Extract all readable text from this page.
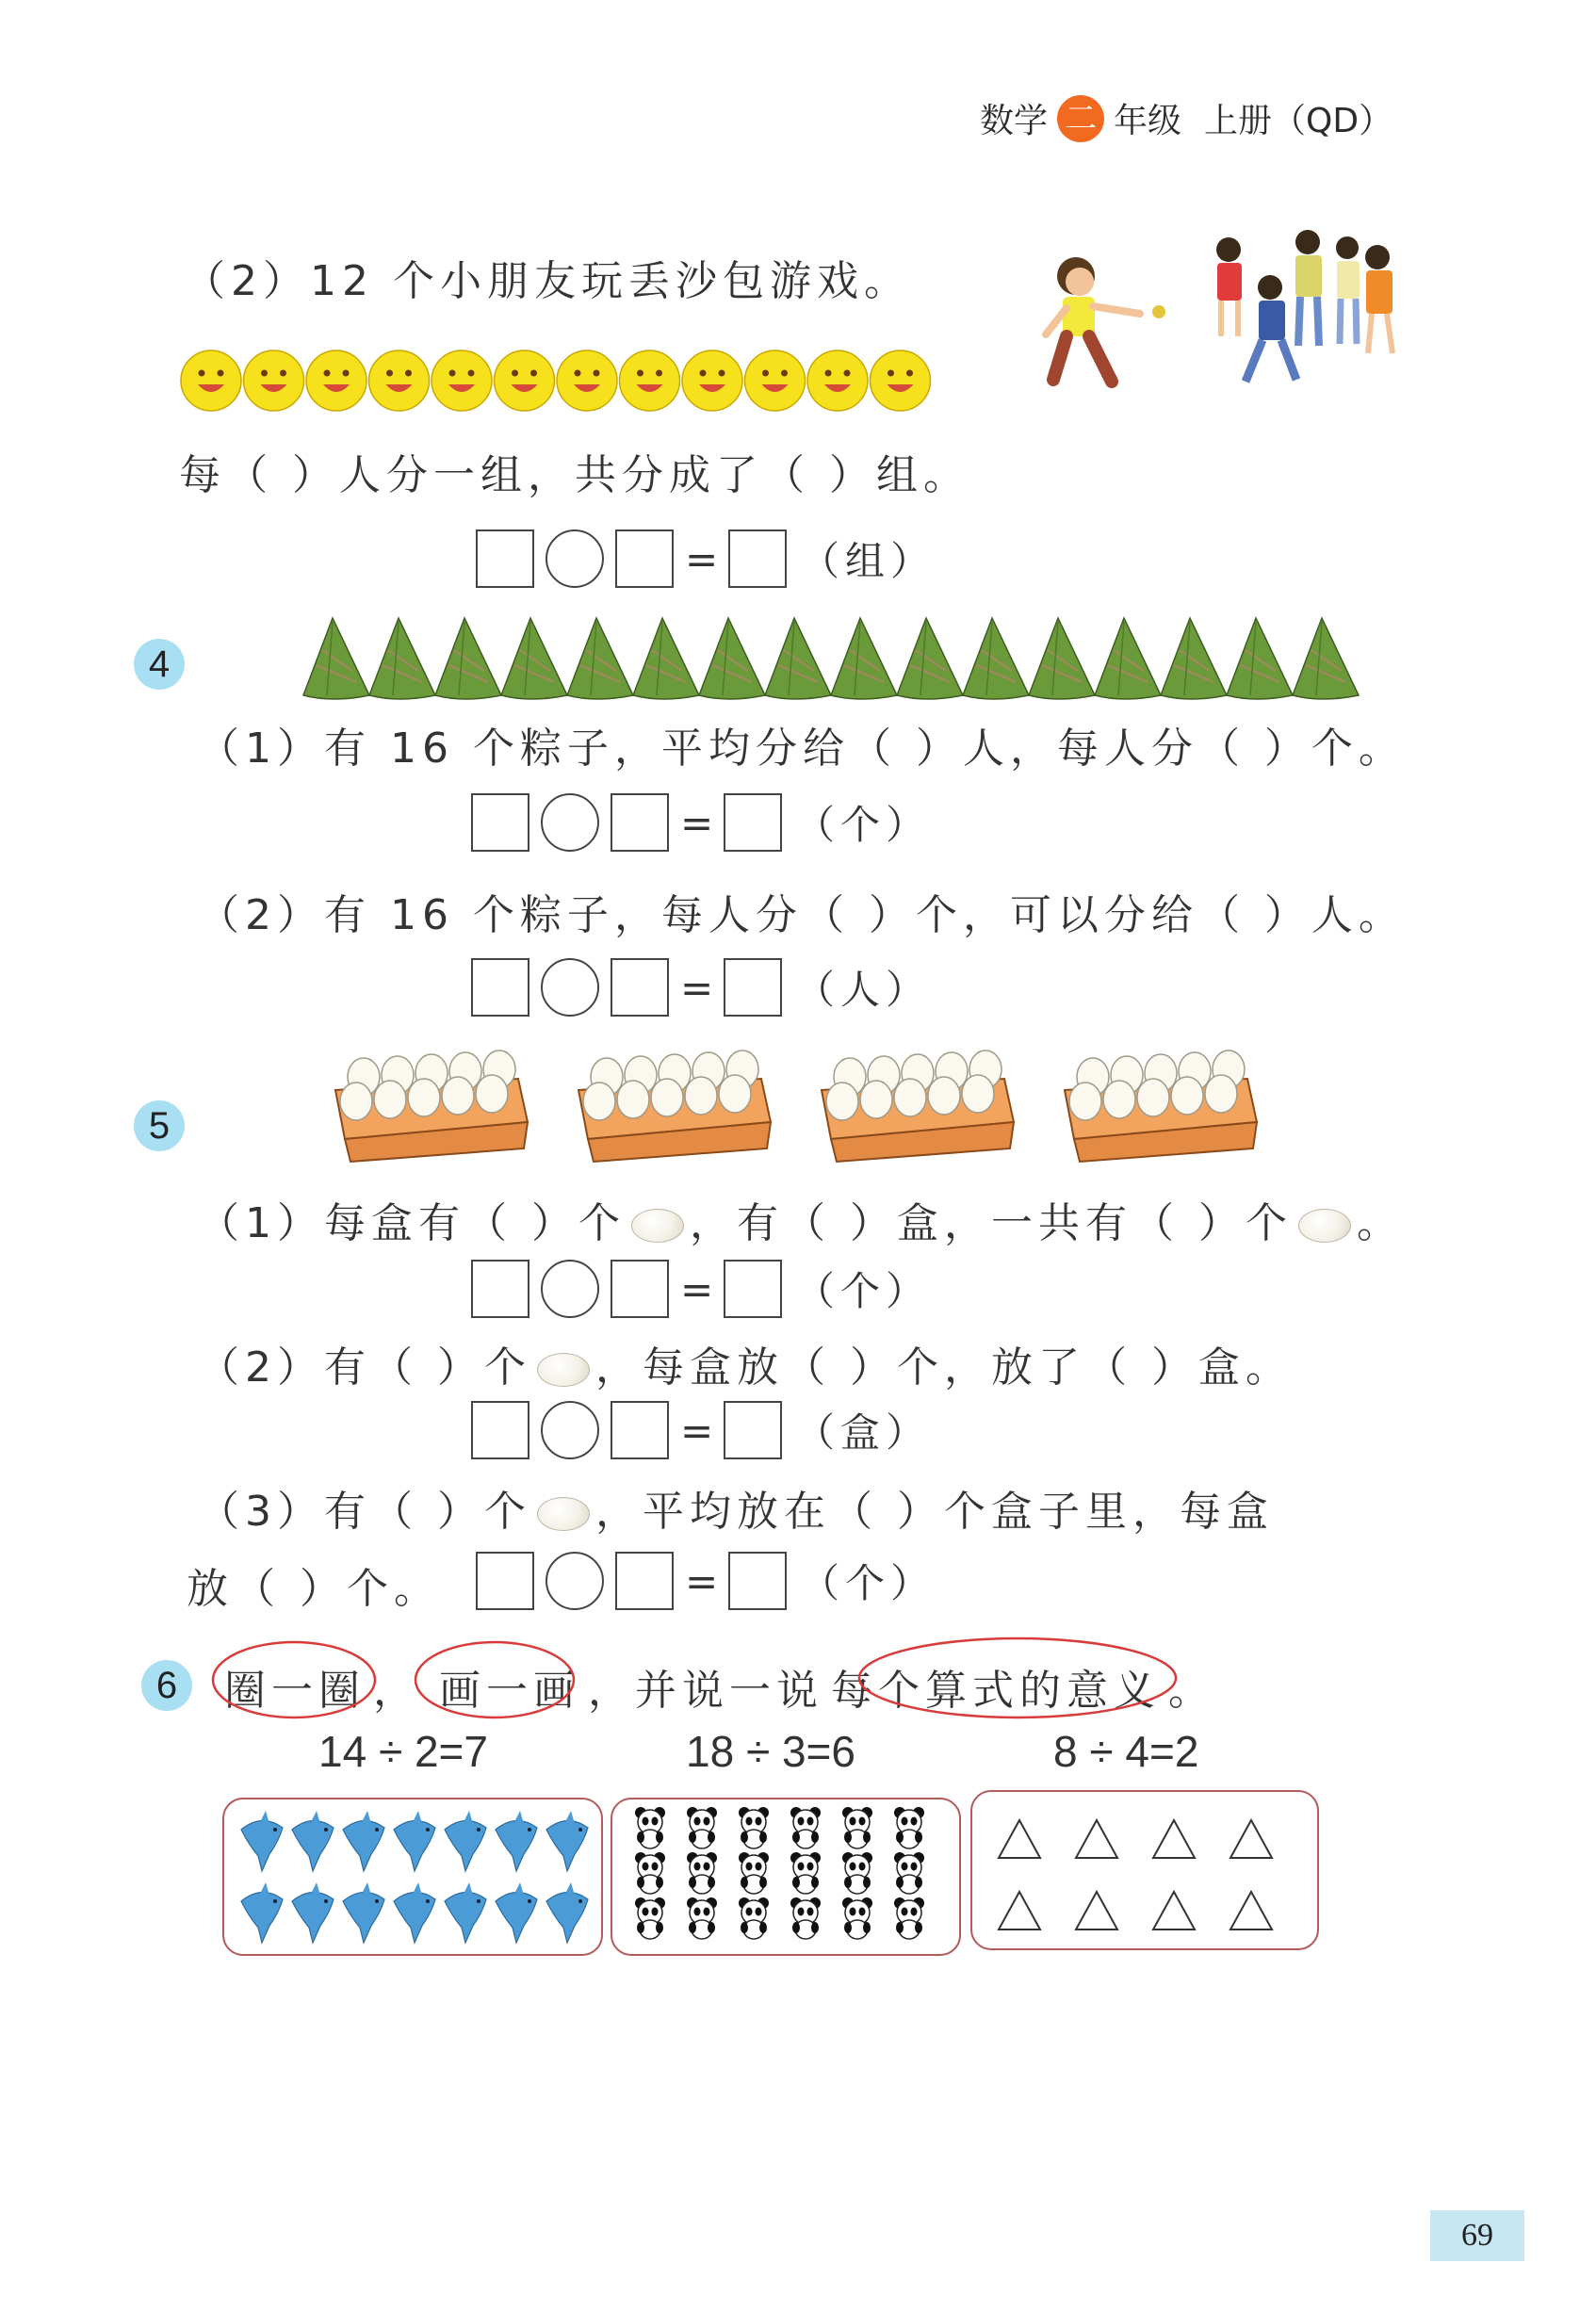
数学 二 年级 上册（QD）
（2）12 个小朋友玩丢沙包游戏。
每（ ）人分一组，共分成了（ ）组。
= （组）
4
（1）有 16 个粽子，平均分给（ ）人，每人分（ ）个。
= （个）
（2）有 16 个粽子，每人分（ ）个，可以分给（ ）人。
= （人）
5
（1）每盒有（ ）个 ，有（ ）盒，一共有（ ）个 。
= （个）
（2）有（ ）个 ，每盒放（ ）个，放了（ ）盒。
= （盒）
（3）有（ ）个 ，平均放在（ ）个盒子里，每盒
放（ ）个。	= （个）
6	圈一圈 ， 画一画 ，并说一说 每个算式的意义 。
14 ÷ 2=7	18 ÷ 3=6	8 ÷ 4=2
69
